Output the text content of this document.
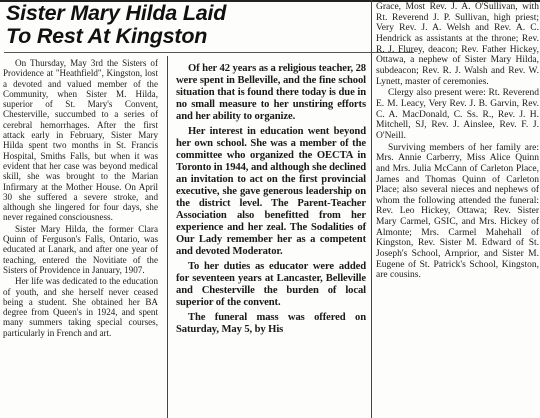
Sister Mary Hilda Laid
To Rest At Kingston

On Thursday, May 3rd the Sisters of Providence at "Heathfield", Kingston, lost a devoted and valued member of the Community, when Sister M. Hilda, superior of St. Mary's Convent, Chesterville, succumbed to a series of cerebral hemorrhages. After the first attack early in February, Sister Mary Hilda spent two months in St. Francis Hospital, Smiths Falls, but when it was evident that her case was beyond medical skill, she was brought to the Marian Infirmary at the Mother House. On April 30 she suffered a severe stroke, and although she lingered for four days, she never regained consciousness.

Sister Mary Hilda, the former Clara Quinn of Ferguson's Falls, Ontario, was educated at Lanark, and after one year of teaching, entered the Novitiate of the Sisters of Providence in January, 1907.

Her life was dedicated to the education of youth, and she herself never ceased being a student. She obtained her BA degree from Queen's in 1924, and spent many summers taking special courses, particularly in French and art.

Of her 42 years as a religious teacher, 28 were spent in Belleville, and the fine school situation that is found there today is due in no small measure to her unstiring efforts and her ability to organize.

Her interest in education went beyond her own school. She was a member of the committee who organized the OECTA in Toronto in 1944, and although she declined an invitation to act on the first provincial executive, she gave generous leadership on the district level. The Parent-Teacher Association also benefitted from her experience and her zeal. The Sodalities of Our Lady remember her as a competent and devoted Moderator.

To her duties as educator were added for seventeen years at Lancaster, Belleville and Chesterville the burden of local superior of the convent.

The funeral mass was offered on Saturday, May 5, by His

Grace, Most Rev. J. A. O'Sullivan, with Rt. Reverend J. P. Sullivan, high priest; Very Rev. J. A. Welsh and Rev. A. C. Hendrick as assistants at the throne; Rev. R. J. Flurey, deacon; Rev. Father Hickey, Ottawa, a nephew of Sister Mary Hilda, subdeacon; Rev. R. J. Walsh and Rev. W. Lynett, master of ceremonies.

Clergy also present were: Rt. Reverend E. M. Leacy, Very Rev. J. B. Garvin, Rev. C. A. MacDonald, C. Ss. R., Rev. J. H. Mitchell, SJ, Rev. J. Ainslee, Rev. F. J. O'Neill.

Surviving members of her family are: Mrs. Annie Carberry, Miss Alice Quinn and Mrs. Julia McCann of Carleton Place, James and Thomas Quinn of Carleton Place; also several nieces and nephews of whom the following attended the funeral: Rev. Leo Hickey, Ottawa; Rev. Sister Mary Carmel, GSIC, and Mrs. Hickey of Almonte; Mrs. Carmel Mahehall of Kingston, Rev. Sister M. Edward of St. Joseph's School, Arnprior, and Sister M. Eugene of St. Patrick's School, Kingston, are cousins.
